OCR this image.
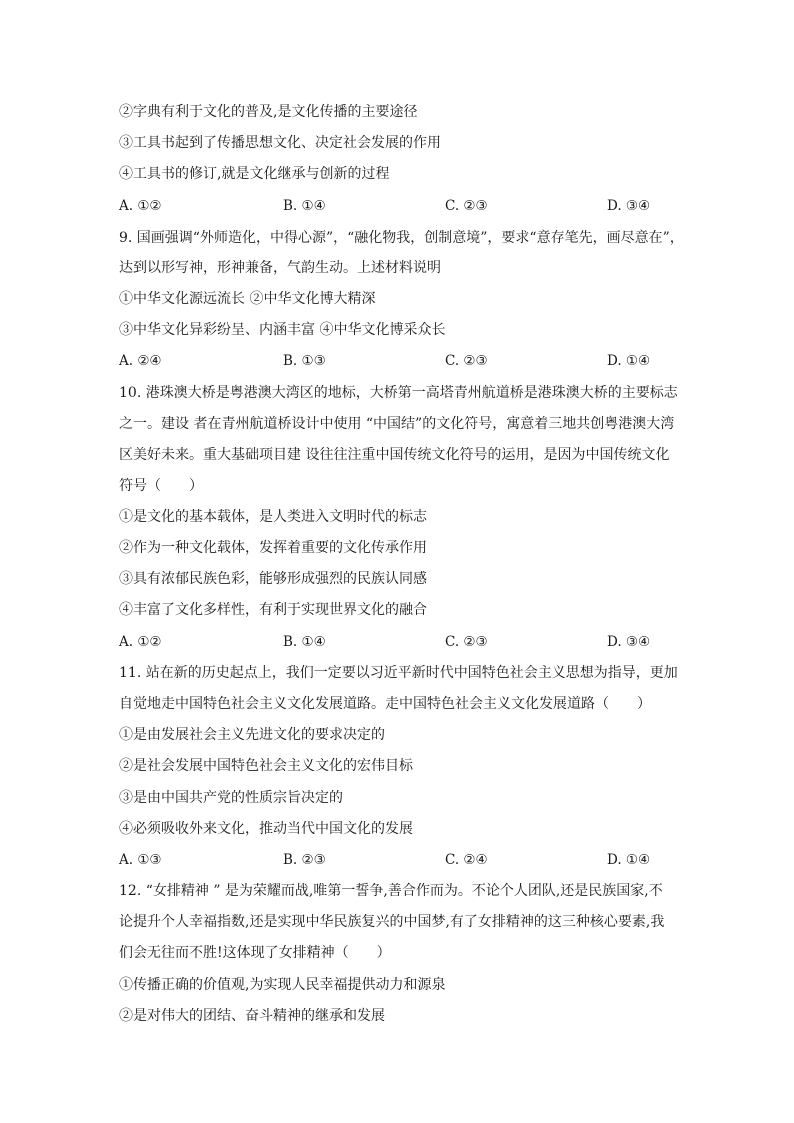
②字典有利于文化的普及,是文化传播的主要途径
③工具书起到了传播思想文化、决定社会发展的作用
④工具书的修订,就是文化继承与创新的过程
A. ①②	B. ①④	C. ②③	D. ③④
9. 国画强调“外师造化，中得心源”，“融化物我，创制意境”，要求“意存笔先，画尽意在”，
达到以形写神，形神兼备，气韵生动。上述材料说明
①中华文化源远流长 ②中华文化博大精深
③中华文化异彩纷呈、内涵丰富 ④中华文化博采众长
A. ②④	B. ①③	C. ②③	D. ①④
10. 港珠澳大桥是粤港澳大湾区的地标，大桥第一高塔青州航道桥是港珠澳大桥的主要标志
之一。建设 者在青州航道桥设计中使用 “中国结”的文化符号，寓意着三地共创粤港澳大湾
区美好未来。重大基础项目建 设往往注重中国传统文化符号的运用，是因为中国传统文化
符号（　　）
①是文化的基本载体，是人类进入文明时代的标志
②作为一种文化载体，发挥着重要的文化传承作用
③具有浓郁民族色彩，能够形成强烈的民族认同感
④丰富了文化多样性，有利于实现世界文化的融合
A. ①②	B. ①④	C. ②③	D. ③④
11. 站在新的历史起点上，我们一定要以习近平新时代中国特色社会主义思想为指导，更加
自觉地走中国特色社会主义文化发展道路。走中国特色社会主义文化发展道路（　　）
①是由发展社会主义先进文化的要求决定的
②是社会发展中国特色社会主义文化的宏伟目标
③是由中国共产党的性质宗旨决定的
④必须吸收外来文化，推动当代中国文化的发展
A. ①③	B. ②③	C. ②④	D. ①④
12. “女排精神 ” 是为荣耀而战,唯第一誓争,善合作而为。不论个人团队,还是民族国家,不
论提升个人幸福指数,还是实现中华民族复兴的中国梦,有了女排精神的这三种核心要素,我
们会无往而不胜!这体现了女排精神（　　）
①传播正确的价值观,为实现人民幸福提供动力和源泉
②是对伟大的团结、奋斗精神的继承和发展
